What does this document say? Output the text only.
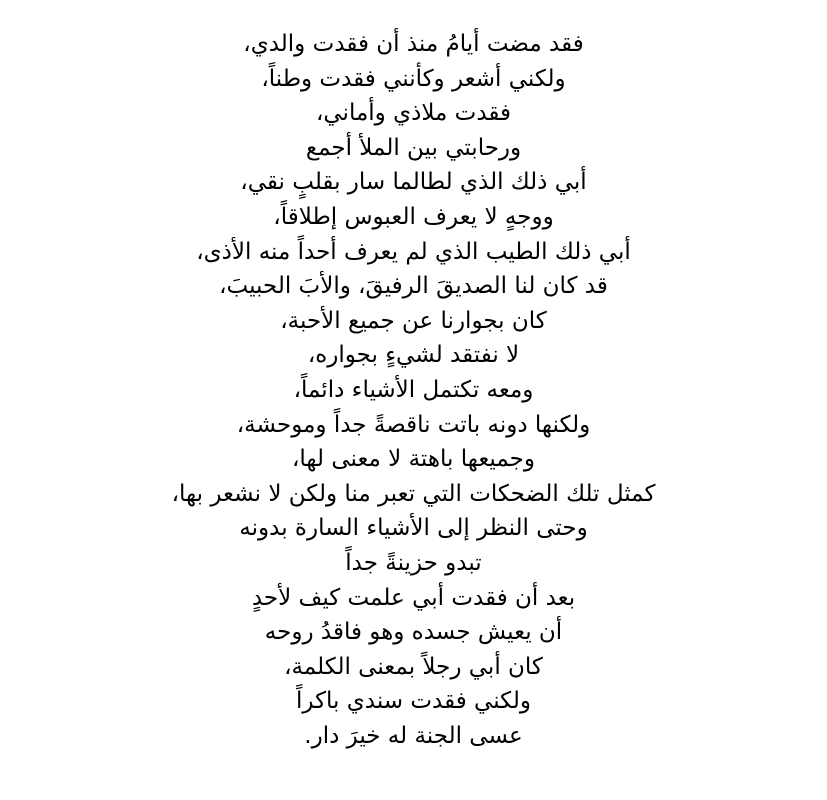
فقد مضت أيامُ منذ أن فقدت والدي،
ولكني أشعر وكأنني فقدت وطناً،
فقدت ملاذي وأماني،
ورحابتي بين الملأ أجمع
أبي ذلك الذي لطالما سار بقلبٍ نقي،
ووجهٍ لا يعرف العبوس إطلاقاً،
أبي ذلك الطيب الذي لم يعرف أحداً منه الأذى،
قد كان لنا الصديقَ الرفيقَ، والأبَ الحبيبَ،
كان بجوارنا عن جميع الأحبة،
لا نفتقد لشيءٍ بجواره،
ومعه تكتمل الأشياء دائماً،
ولكنها دونه باتت ناقصةً جداً وموحشة،
وجميعها باهتة لا معنى لها،
كمثل تلك الضحكات التي تعبر منا ولكن لا نشعر بها،
وحتى النظر إلى الأشياء السارة بدونه
تبدو حزينةً جداً
بعد أن فقدت أبي علمت كيف لأحدٍ
أن يعيش جسده وهو فاقدُ روحه
كان أبي رجلاً بمعنى الكلمة،
ولكني فقدت سندي باكراً
عسى الجنة له خيرَ دار.
